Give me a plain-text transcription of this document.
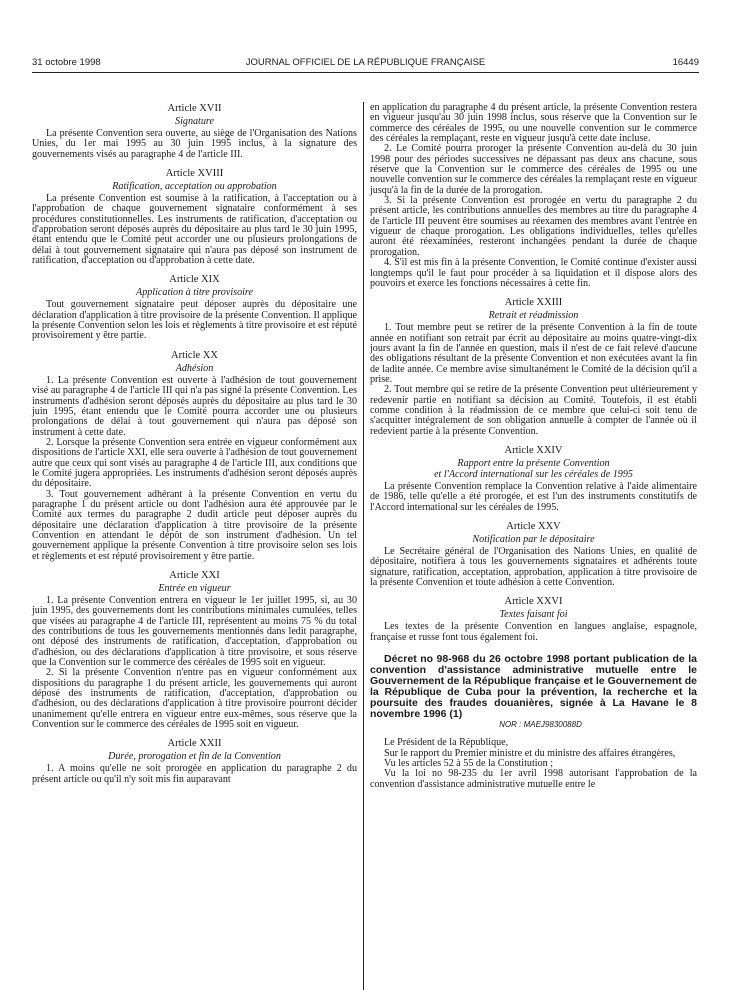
31 octobre 1998	JOURNAL OFFICIEL DE LA RÉPUBLIQUE FRANÇAISE	16449
Article XVII
Signature

La présente Convention sera ouverte, au siège de l'Organisation des Nations Unies, du 1er mai 1995 au 30 juin 1995 inclus, à la signature des gouvernements visés au paragraphe 4 de l'article III.

Article XVIII
Ratification, acceptation ou approbation

La présente Convention est soumise à la ratification, à l'acceptation ou à l'approbation de chaque gouvernement signataire conformément à ses procédures constitutionnelles. Les instruments de ratification, d'acceptation ou d'approbation seront déposés auprès du dépositaire au plus tard le 30 juin 1995, étant entendu que le Comité peut accorder une ou plusieurs prolongations de délai à tout gouvernement signataire qui n'aura pas déposé son instrument de ratification, d'acceptation ou d'approbation à cette date.

Article XIX
Application à titre provisoire

Tout gouvernement signataire peut déposer auprès du dépositaire une déclaration d'application à titre provisoire de la présente Convention. Il applique la présente Convention selon les lois et règlements à titre provisoire et est réputé provisoirement y être partie.

Article XX
Adhésion

1. La présente Convention est ouverte à l'adhésion de tout gouvernement visé au paragraphe 4 de l'article III qui n'a pas signé la présente Convention. Les instruments d'adhésion seront déposés auprès du dépositaire au plus tard le 30 juin 1995, étant entendu que le Comité pourra accorder une ou plusieurs prolongations de délai à tout gouvernement qui n'aura pas déposé son instrument à cette date.

2. Lorsque la présente Convention sera entrée en vigueur conformément aux dispositions de l'article XXI, elle sera ouverte à l'adhésion de tout gouvernement autre que ceux qui sont visés au paragraphe 4 de l'article III, aux conditions que le Comité jugera appropriées. Les instruments d'adhésion seront déposés auprès du dépositaire.

3. Tout gouvernement adhérant à la présente Convention en vertu du paragraphe 1 du présent article ou dont l'adhésion aura été approuvée par le Comité aux termes du paragraphe 2 dudit article peut déposer auprès du dépositaire une déclaration d'application à titre provisoire de la présente Convention en attendant le dépôt de son instrument d'adhésion. Un tel gouvernement applique la présente Convention à titre provisoire selon ses lois et règlements et est réputé provisoirement y être partie.

Article XXI
Entrée en vigueur

1. La présente Convention entrera en vigueur le 1er juillet 1995, si, au 30 juin 1995, des gouvernements dont les contributions minimales cumulées, telles que visées au paragraphe 4 de l'article III, représentent au moins 75 % du total des contributions de tous les gouvernements mentionnés dans ledit paragraphe, ont déposé des instruments de ratification, d'acceptation, d'approbation ou d'adhésion, ou des déclarations d'application à titre provisoire, et sous réserve que la Convention sur le commerce des céréales de 1995 soit en vigueur.

2. Si la présente Convention n'entre pas en vigueur conformément aux dispositions du paragraphe 1 du présent article, les gouvernements qui auront déposé des instruments de ratification, d'acceptation, d'approbation ou d'adhésion, ou des déclarations d'application à titre provisoire pourront décider unanimement qu'elle entrera en vigueur entre eux-mêmes, sous réserve que la Convention sur le commerce des céréales de 1995 soit en vigueur.

Article XXII
Durée, prorogation et fin de la Convention

1. A moins qu'elle ne soit prorogée en application du paragraphe 2 du présent article ou qu'il n'y soit mis fin auparavant

en application du paragraphe 4 du présent article, la présente Convention restera en vigueur jusqu'au 30 juin 1998 inclus, sous réserve que la Convention sur le commerce des céréales de 1995, ou une nouvelle convention sur le commerce des céréales la remplaçant, reste en vigueur jusqu'à cette date incluse.

2. Le Comité pourra proroger la présente Convention au-delà du 30 juin 1998 pour des périodes successives ne dépassant pas deux ans chacune, sous réserve que la Convention sur le commerce des céréales de 1995 ou une nouvelle convention sur le commerce des céréales la remplaçant reste en vigueur jusqu'à la fin de la durée de la prorogation.

3. Si la présente Convention est prorogée en vertu du paragraphe 2 du présent article, les contributions annuelles des membres au titre du paragraphe 4 de l'article III peuvent être soumises au réexamen des membres avant l'entrée en vigueur de chaque prorogation. Les obligations individuelles, telles qu'elles auront été réexaminées, resteront inchangées pendant la durée de chaque prorogation.

4. S'il est mis fin à la présente Convention, le Comité continue d'exister aussi longtemps qu'il le faut pour procéder à sa liquidation et il dispose alors des pouvoirs et exerce les fonctions nécessaires à cette fin.

Article XXIII
Retrait et réadmission

1. Tout membre peut se retirer de la présente Convention à la fin de toute année en notifiant son retrait par écrit au dépositaire au moins quatre-vingt-dix jours avant la fin de l'année en question, mais il n'est de ce fait relevé d'aucune des obligations résultant de la présente Convention et non exécutées avant la fin de ladite année. Ce membre avise simultanément le Comité de la décision qu'il a prise.

2. Tout membre qui se retire de la présente Convention peut ultérieurement y redevenir partie en notifiant sa décision au Comité. Toutefois, il est établi comme condition à la réadmission de ce membre que celui-ci soit tenu de s'acquitter intégralement de son obligation annuelle à compter de l'année où il redevient partie à la présente Convention.

Article XXIV
Rapport entre la présente Convention
et l'Accord international sur les céréales de 1995

La présente Convention remplace la Convention relative à l'aide alimentaire de 1986, telle qu'elle a été prorogée, et est l'un des instruments constitutifs de l'Accord international sur les céréales de 1995.

Article XXV
Notification par le dépositaire

Le Secrétaire général de l'Organisation des Nations Unies, en qualité de dépositaire, notifiera à tous les gouvernements signataires et adhérents toute signature, ratification, acceptation, approbation, application à titre provisoire de la présente Convention et toute adhésion à cette Convention.

Article XXVI
Textes faisant foi

Les textes de la présente Convention en langues anglaise, espagnole, française et russe font tous également foi.

Décret no 98-968 du 26 octobre 1998 portant publication de la convention d'assistance administrative mutuelle entre le Gouvernement de la République française et le Gouvernement de la République de Cuba pour la prévention, la recherche et la poursuite des fraudes douanières, signée à La Havane le 8 novembre 1996 (1)

NOR : MAEJ9830088D

Le Président de la République,

Sur le rapport du Premier ministre et du ministre des affaires étrangères,

Vu les articles 52 à 55 de la Constitution ;

Vu la loi no 98-235 du 1er avril 1998 autorisant l'approbation de la convention d'assistance administrative mutuelle entre le
